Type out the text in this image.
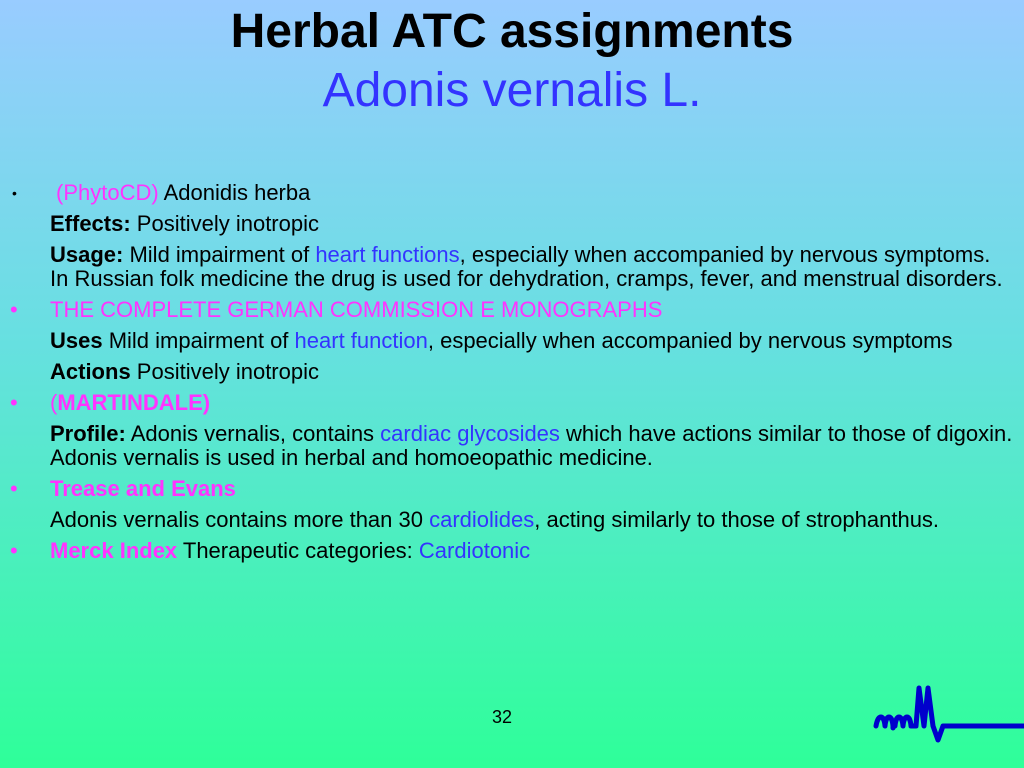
Herbal ATC assignments
Adonis vernalis L.
•	(PhytoCD) Adonidis herba
Effects: Positively inotropic
Usage: Mild impairment of heart functions, especially when accompanied by nervous symptoms. In Russian folk medicine the drug is used for dehydration, cramps, fever, and menstrual disorders.
•	THE COMPLETE GERMAN COMMISSION E MONOGRAPHS
Uses Mild impairment of heart function, especially when accompanied by nervous symptoms
Actions Positively inotropic
•	(MARTINDALE)
Profile: Adonis vernalis, contains cardiac glycosides which have actions similar to those of digoxin. Adonis vernalis is used in herbal and homoeopathic medicine.
•	Trease and Evans
Adonis vernalis contains more than 30 cardiolides, acting similarly to those of strophanthus.
•	Merck Index Therapeutic categories: Cardiotonic
32
